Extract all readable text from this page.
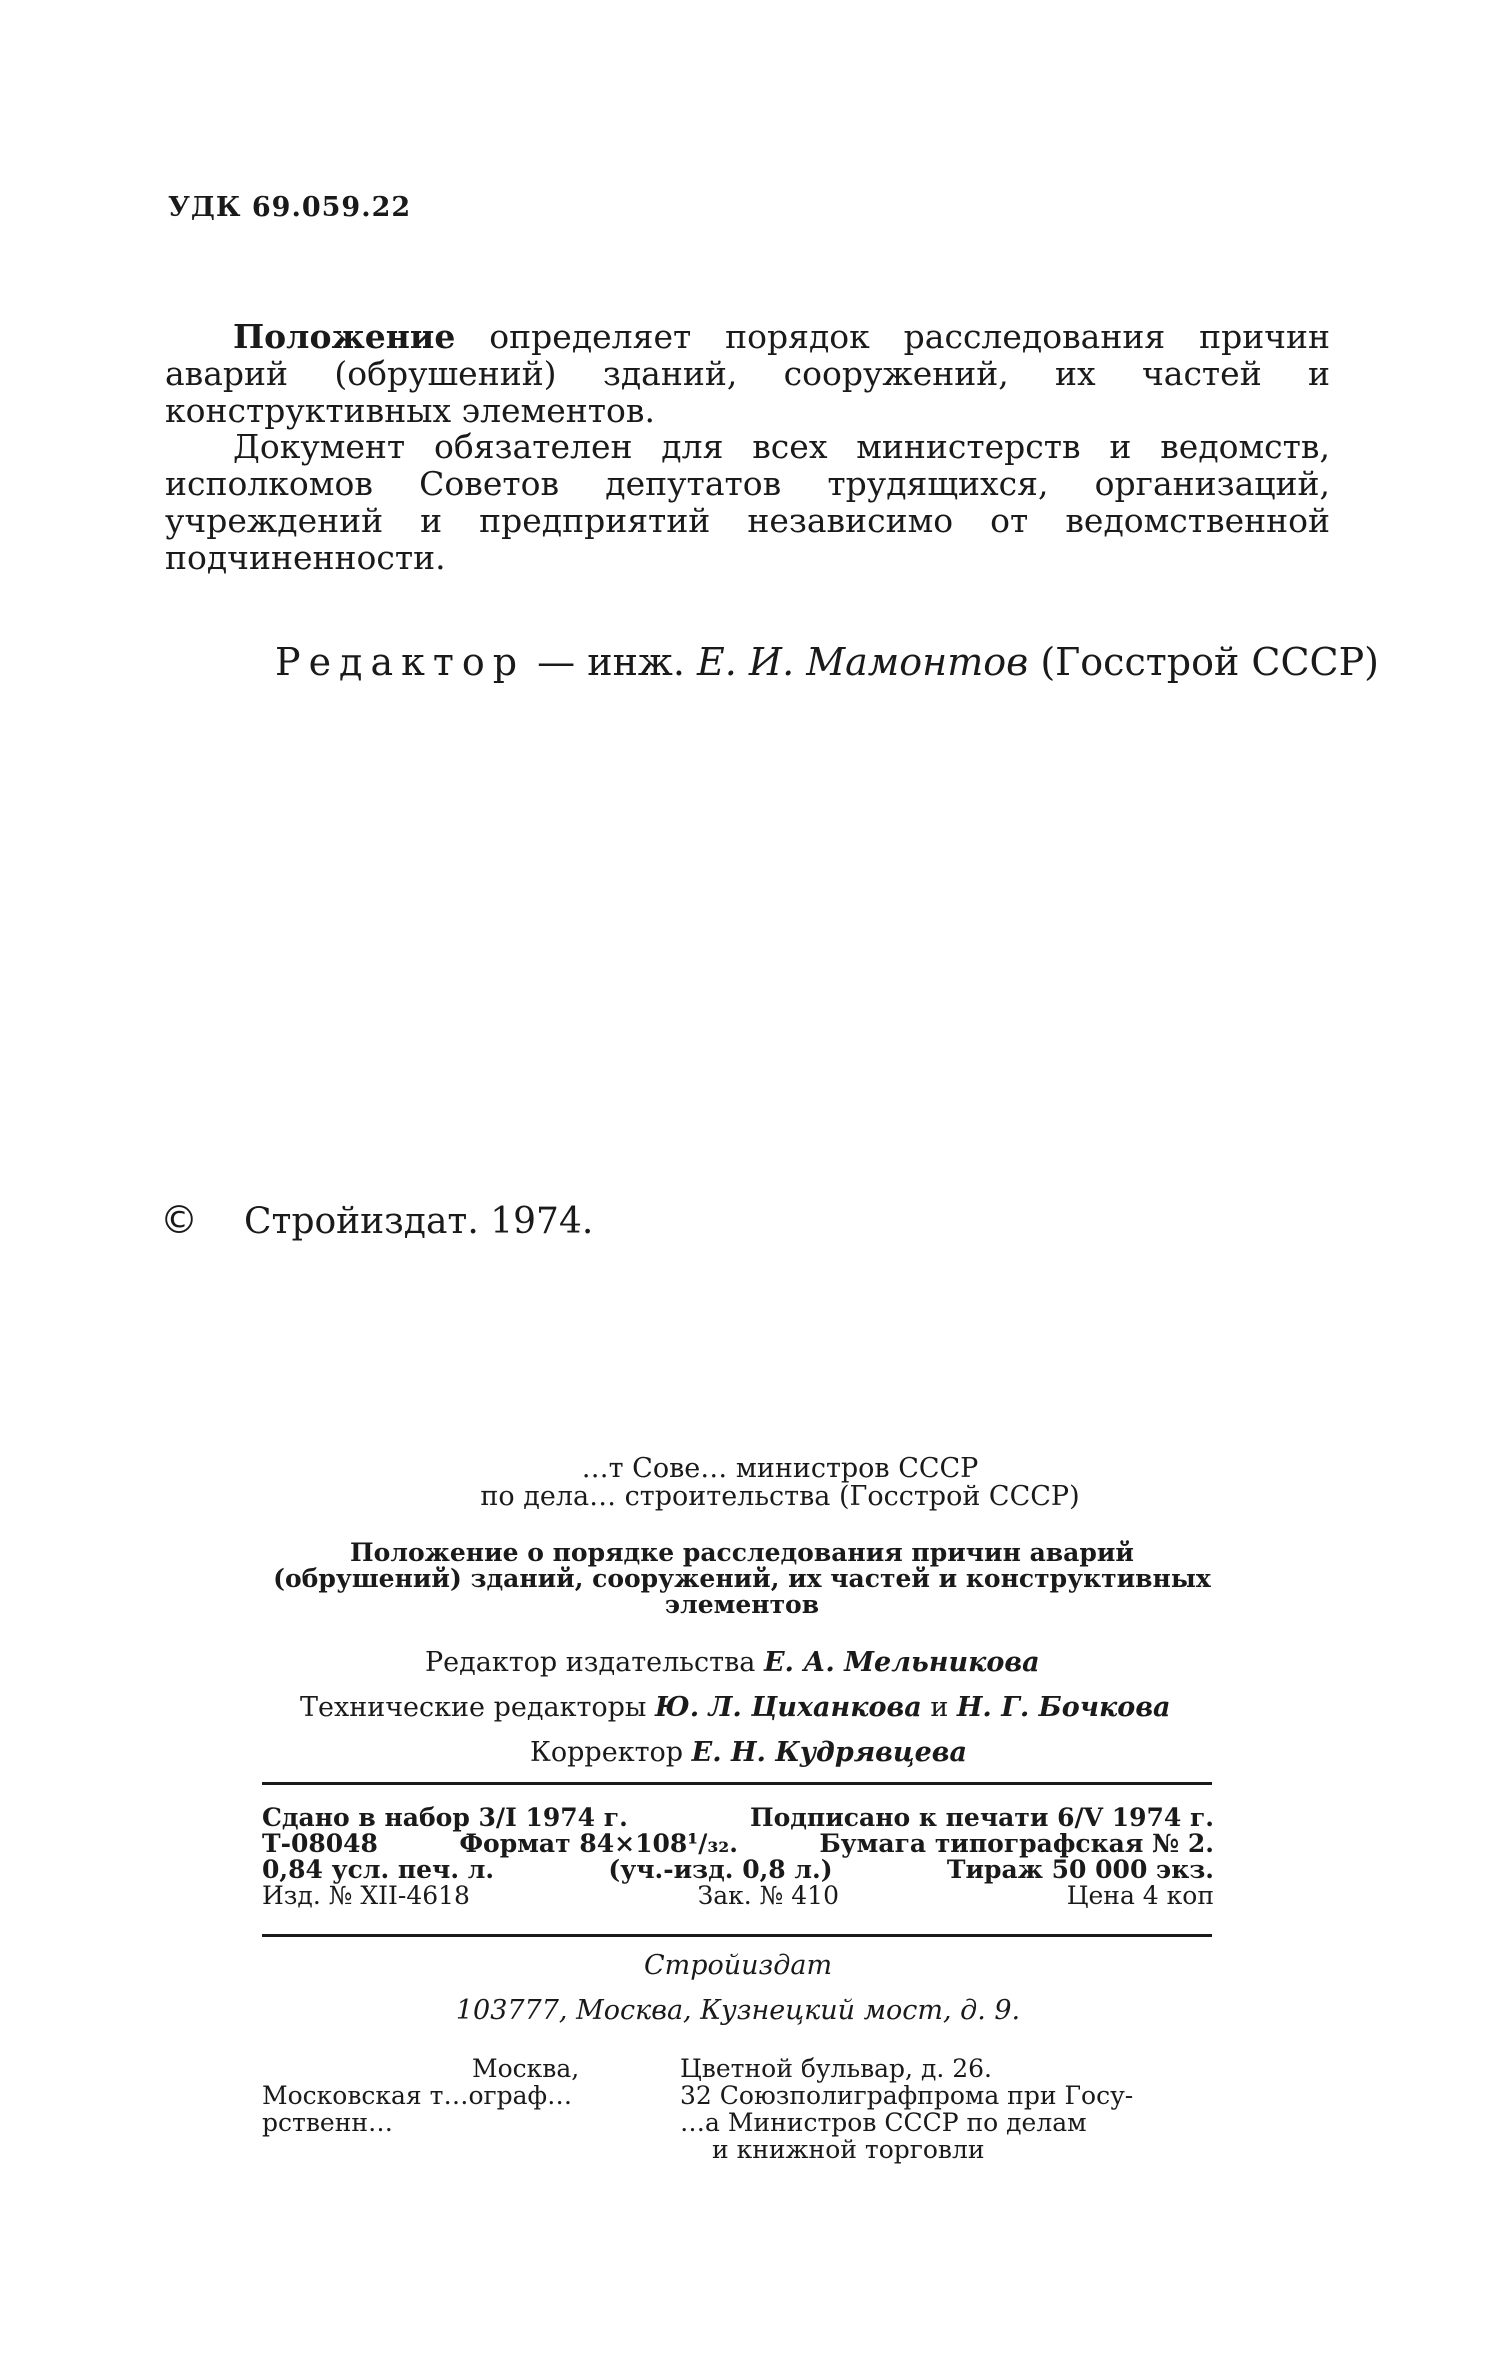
УДК 69.059.22
Положение определяет порядок расследования причин аварий (обрушений) зданий, сооружений, их частей и конструктивных элементов.
Документ обязателен для всех министерств и ведомств, исполкомов Советов депутатов трудящихся, организаций, учреждений и предприятий независимо от ведомственной подчиненности.
Редактор — инж. Е. И. Мамонтов (Госстрой СССР)
© Стройиздат. 1974.
…т Сове… министров СССР
по дела… строительства (Госстрой СССР)
Положение о порядке расследования причин аварий (обрушений) зданий, сооружений, их частей и конструктивных элементов
Редактор издательства Е. А. Мельникова
Технические редакторы Ю. Л. Циханкова и Н. Г. Бочкова
Корректор Е. Н. Кудрявцева
Сдано в набор 3/I 1974 г.	Подписано к печати 6/V 1974 г.
Т-08048	Формат 84×108¹/₃₂.	Бумага типографская № 2.
0,84 усл. печ. л.	(уч.-изд. 0,8 л.)	Тираж 50 000 экз.
Изд. № XII-4618	Зак. № 410	Цена 4 коп
Стройиздат
103777, Москва, Кузнецкий мост, д. 9.
Москва,	Цветной бульвар, д. 26.
Московская т…ограф…	32 Союзполиграфпрома при Госу-
рственн…	…а Министров СССР по делам
и книжной торговли
